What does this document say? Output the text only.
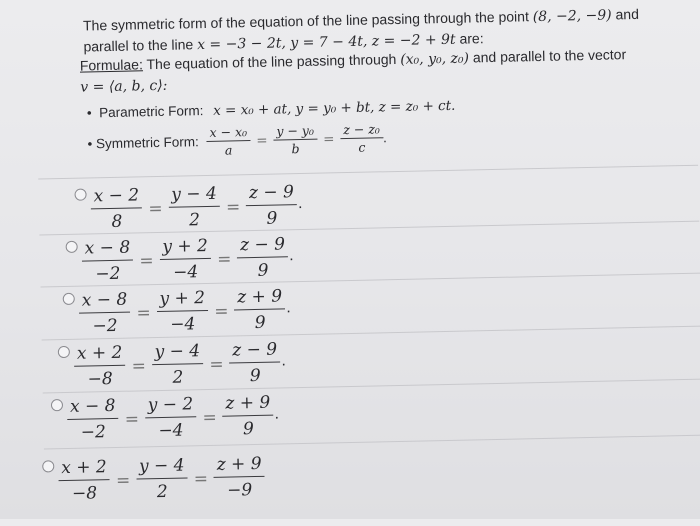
The symmetric form of the equation of the line passing through the point (8, −2, −9) and
parallel to the line x = −3 − 2t, y = 7 − 4t, z = −2 + 9t are:
Formulae: The equation of the line passing through (x₀, y₀, z₀) and parallel to the vector
v = ⟨a, b, c⟩:
•  Parametric Form: x = x₀ + at, y = y₀ + bt, z = z₀ + ct.
• Symmetric Form: $\frac{\text{x − x₀}}{a} = \frac{\text{y − y₀}}{b} = \frac{\text{z − z₀}}{c}$ .
$\frac{x - 2}{8} = \frac{y - 4}{2} = \frac{z - 9}{9}$ .
$\frac{x - 8}{-2} = \frac{y + 2}{-4} = \frac{z - 9}{9}$ .
$\frac{x - 8}{-2} = \frac{y + 2}{-4} = \frac{z + 9}{9}$ .
$\frac{x + 2}{-8} = \frac{y - 4}{2} = \frac{z - 9}{9}$ .
$\frac{x - 8}{-2} = \frac{y - 2}{-4} = \frac{z + 9}{9}$ .
$\frac{x + 2}{-8} = \frac{y - 4}{2} = \frac{z + 9}{-9}$
